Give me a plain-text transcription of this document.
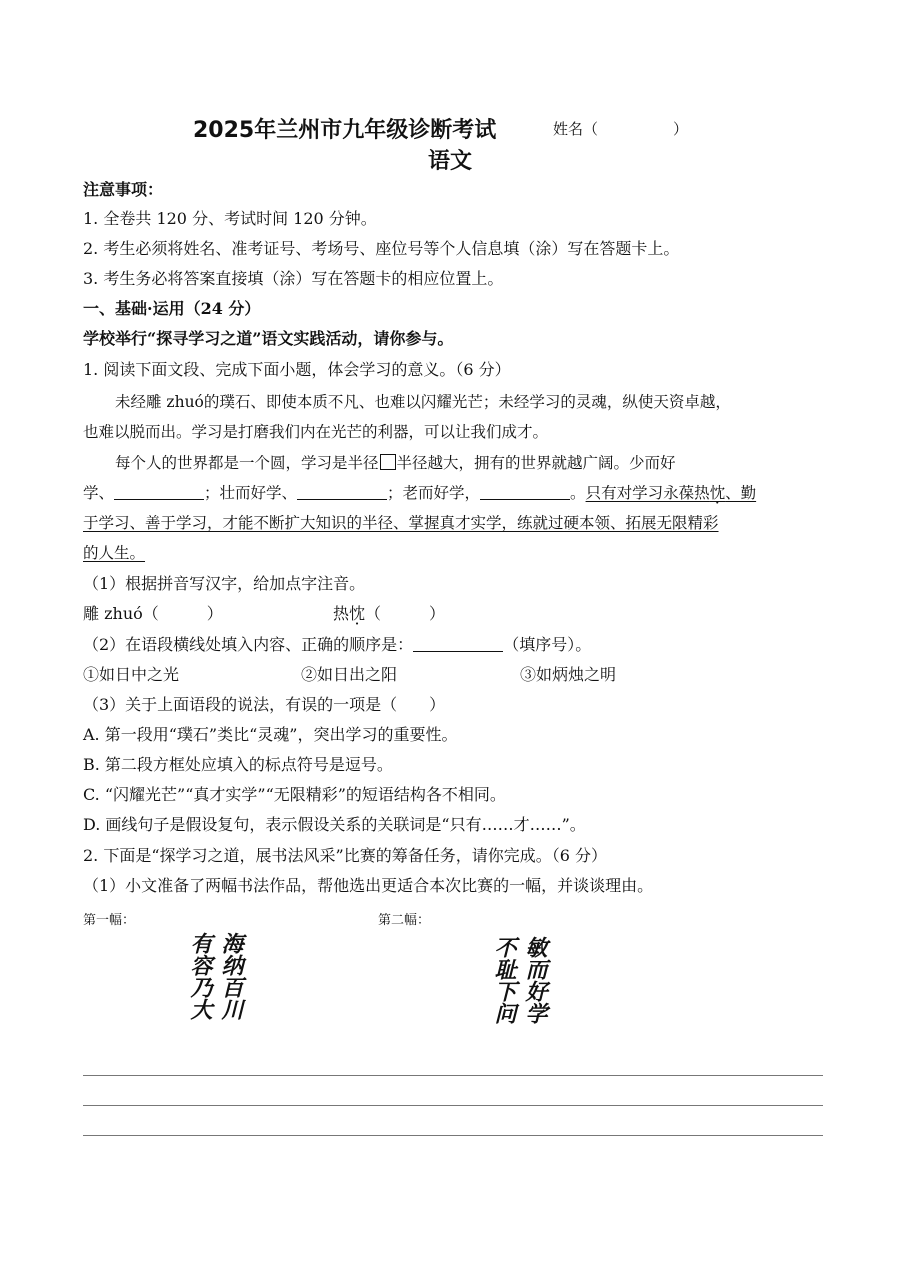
2025年兰州市九年级诊断考试	姓名（　　　　　）
语文
注意事项：
1. 全卷共 120 分、考试时间 120 分钟。
2. 考生必须将姓名、准考证号、考场号、座位号等个人信息填（涂）写在答题卡上。
3. 考生务必将答案直接填（涂）写在答题卡的相应位置上。
一、基础·运用（24 分）
学校举行“探寻学习之道”语文实践活动，请你参与。
1. 阅读下面文段、完成下面小题，体会学习的意义。（6 分）
未经雕 zhuó的璞石、即使本质不凡、也难以闪耀光芒；未经学习的灵魂，纵使天资卓越，
也难以脱而出。学习是打磨我们内在光芒的利器，可以让我们成才。
每个人的世界都是一个圆，学习是半径 半径越大，拥有的世界就越广阔。少而好
学、	；壮而好学、	；老而好学，	。只有对学习永葆热忱、勤
于学习、善于学习，才能不断扩大知识的半径、掌握真才实学，练就过硬本领、拓展无限精彩
的人生。
（1）根据拼音写汉字，给加点字注音。
雕 zhuó（　　　）	热忱（　　　）
（2）在语段横线处填入内容、正确的顺序是：	（填序号）。
①如日中之光	②如日出之阳	③如炳烛之明
（3）关于上面语段的说法，有误的一项是（　　）
A. 第一段用“璞石”类比“灵魂”，突出学习的重要性。
B. 第二段方框处应填入的标点符号是逗号。
C. “闪耀光芒”“真才实学”“无限精彩”的短语结构各不相同。
D. 画线句子是假设复句，表示假设关系的关联词是“只有……才……”。
2. 下面是“探学习之道，展书法风采”比赛的筹备任务，请你完成。（6 分）
（1）小文准备了两幅书法作品，帮他选出更适合本次比赛的一幅，并谈谈理由。
第一幅：	第二幅：
海纳百川
有容乃大	敏而好学
不耻下问
